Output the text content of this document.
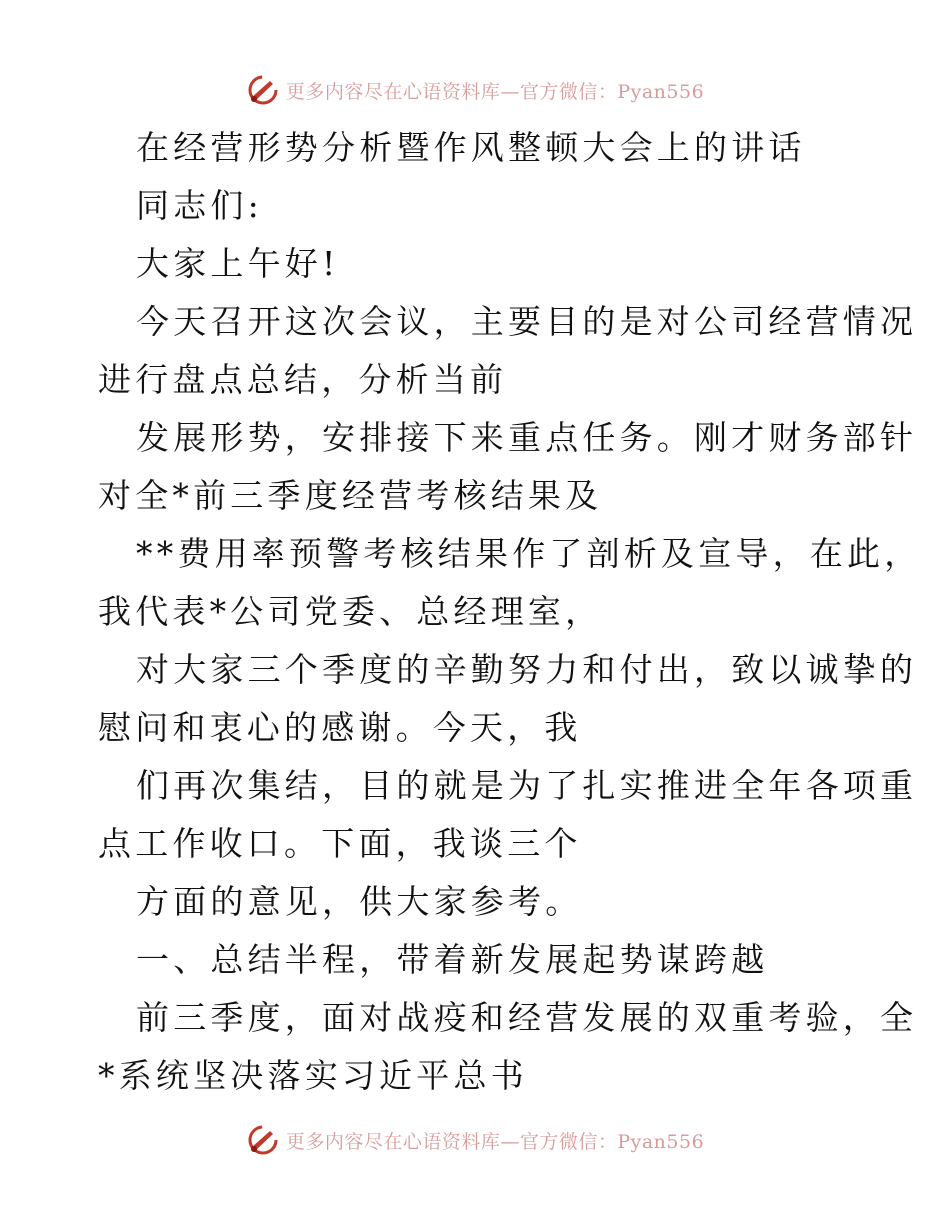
更多内容尽在心语资料库—官方微信：Pyan556
在经营形势分析暨作风整顿大会上的讲话
同志们:
大家上午好!
今天召开这次会议，主要目的是对公司经营情况
进行盘点总结，分析当前
发展形势，安排接下来重点任务。刚才财务部针
对全*前三季度经营考核结果及
**费用率预警考核结果作了剖析及宣导，在此，
我代表*公司党委、总经理室，
对大家三个季度的辛勤努力和付出，致以诚挚的
慰问和衷心的感谢。今天，我
们再次集结，目的就是为了扎实推进全年各项重
点工作收口。下面，我谈三个
方面的意见，供大家参考。
一、总结半程，带着新发展起势谋跨越
前三季度，面对战疫和经营发展的双重考验，全
*系统坚决落实习近平总书
更多内容尽在心语资料库—官方微信：Pyan556
